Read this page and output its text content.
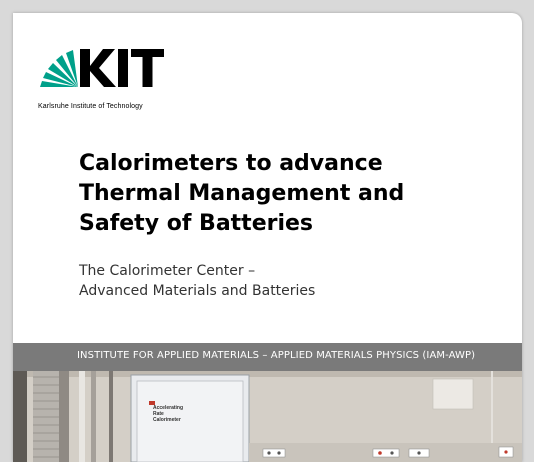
Karlsruhe Institute of Technology
Calorimeters to advance
Thermal Management and
Safety of Batteries
The Calorimeter Center –
Advanced Materials and Batteries
INSTITUTE FOR APPLIED MATERIALS – APPLIED MATERIALS PHYSICS (IAM-AWP)
Accelerating
Rate
Calorimeter
